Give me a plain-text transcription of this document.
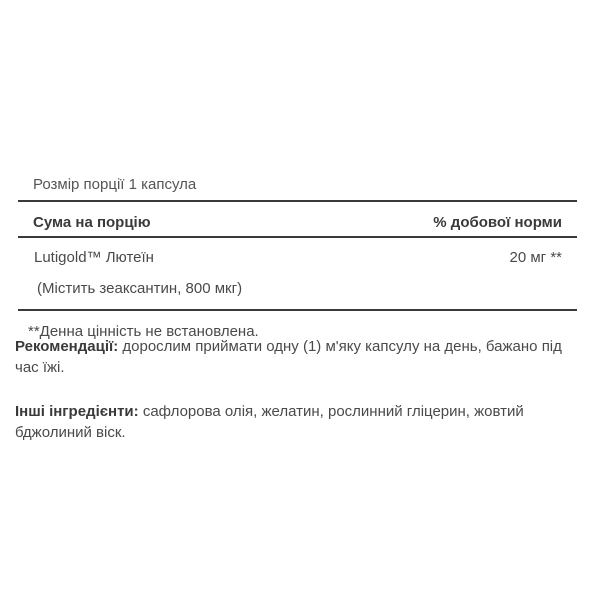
Розмір порції 1 капсула
Сума на порцію	% добової норми
Lutigold™ Лютеїн	20 мг **
(Містить зеаксантин, 800 мкг)
**Денна цінність не встановлена.

Рекомендації: дорослим приймати одну (1) м'яку капсулу на день, бажано під час їжі.

Інші інгредієнти: сафлорова олія, желатин, рослинний гліцерин, жовтий бджолиний віск.
